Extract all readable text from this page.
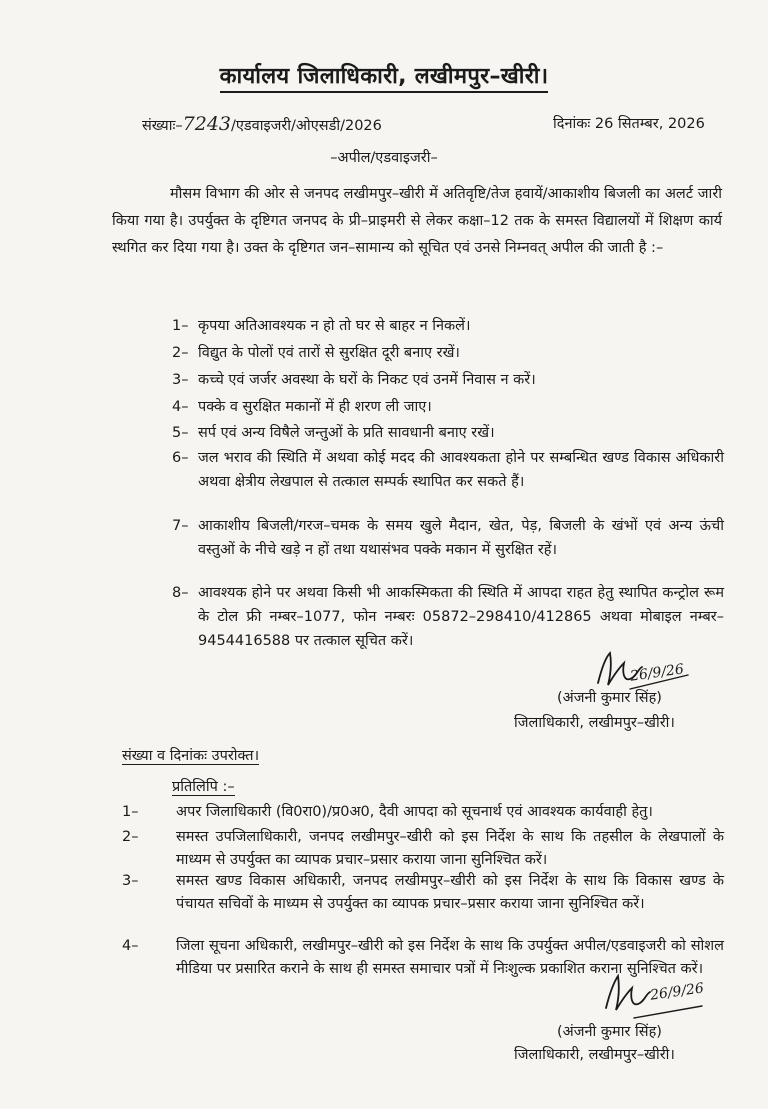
कार्यालय जिलाधिकारी, लखीमपुर–खीरी।
संख्याः–7243/एडवाइजरी/ओएसडी/2026	दिनांकः 26 सितम्बर, 2026
–अपील/एडवाइजरी–
मौसम विभाग की ओर से जनपद लखीमपुर–खीरी में अतिवृष्टि/तेज हवायें/आकाशीय बिजली का अलर्ट जारी किया गया है। उपर्युक्त के दृष्टिगत जनपद के प्री–प्राइमरी से लेकर कक्षा–12 तक के समस्त विद्यालयों में शिक्षण कार्य स्थगित कर दिया गया है। उक्त के दृष्टिगत जन–सामान्य को सूचित एवं उनसे निम्नवत् अपील की जाती है :–
1– कृपया अतिआवश्यक न हो तो घर से बाहर न निकलें।
2– विद्युत के पोलों एवं तारों से सुरक्षित दूरी बनाए रखें।
3– कच्चे एवं जर्जर अवस्था के घरों के निकट एवं उनमें निवास न करें।
4– पक्के व सुरक्षित मकानों में ही शरण ली जाए।
5– सर्प एवं अन्य विषैले जन्तुओं के प्रति सावधानी बनाए रखें।
6– जल भराव की स्थिति में अथवा कोई मदद की आवश्यकता होने पर सम्बन्धित खण्ड विकास अधिकारी अथवा क्षेत्रीय लेखपाल से तत्काल सम्पर्क स्थापित कर सकते हैं।
7– आकाशीय बिजली/गरज–चमक के समय खुले मैदान, खेत, पेड़, बिजली के खंभों एवं अन्य ऊंची वस्तुओं के नीचे खड़े न हों तथा यथासंभव पक्के मकान में सुरक्षित रहें।
8– आवश्यक होने पर अथवा किसी भी आकस्मिकता की स्थिति में आपदा राहत हेतु स्थापित कन्ट्रोल रूम के टोल फ्री नम्बर–1077, फोन नम्बरः 05872–298410/412865 अथवा मोबाइल नम्बर–9454416588 पर तत्काल सूचित करें।
26/9/26
(अंजनी कुमार सिंह)
जिलाधिकारी, लखीमपुर–खीरी।
संख्या व दिनांकः उपरोक्त।
प्रतिलिपि :–
1–	अपर जिलाधिकारी (वि0रा0)/प्र0अ0, दैवी आपदा को सूचनार्थ एवं आवश्यक कार्यवाही हेतु।
2–	समस्त उपजिलाधिकारी, जनपद लखीमपुर–खीरी को इस निर्देश के साथ कि तहसील के लेखपालों के माध्यम से उपर्युक्त का व्यापक प्रचार–प्रसार कराया जाना सुनिश्चित करें।
3–	समस्त खण्ड विकास अधिकारी, जनपद लखीमपुर–खीरी को इस निर्देश के साथ कि विकास खण्ड के पंचायत सचिवों के माध्यम से उपर्युक्त का व्यापक प्रचार–प्रसार कराया जाना सुनिश्चित करें।
4–	जिला सूचना अधिकारी, लखीमपुर–खीरी को इस निर्देश के साथ कि उपर्युक्त अपील/एडवाइजरी को सोशल मीडिया पर प्रसारित कराने के साथ ही समस्त समाचार पत्रों में निःशुल्क प्रकाशित कराना सुनिश्चित करें।
26/9/26
(अंजनी कुमार सिंह)
जिलाधिकारी, लखीमपुर–खीरी।
